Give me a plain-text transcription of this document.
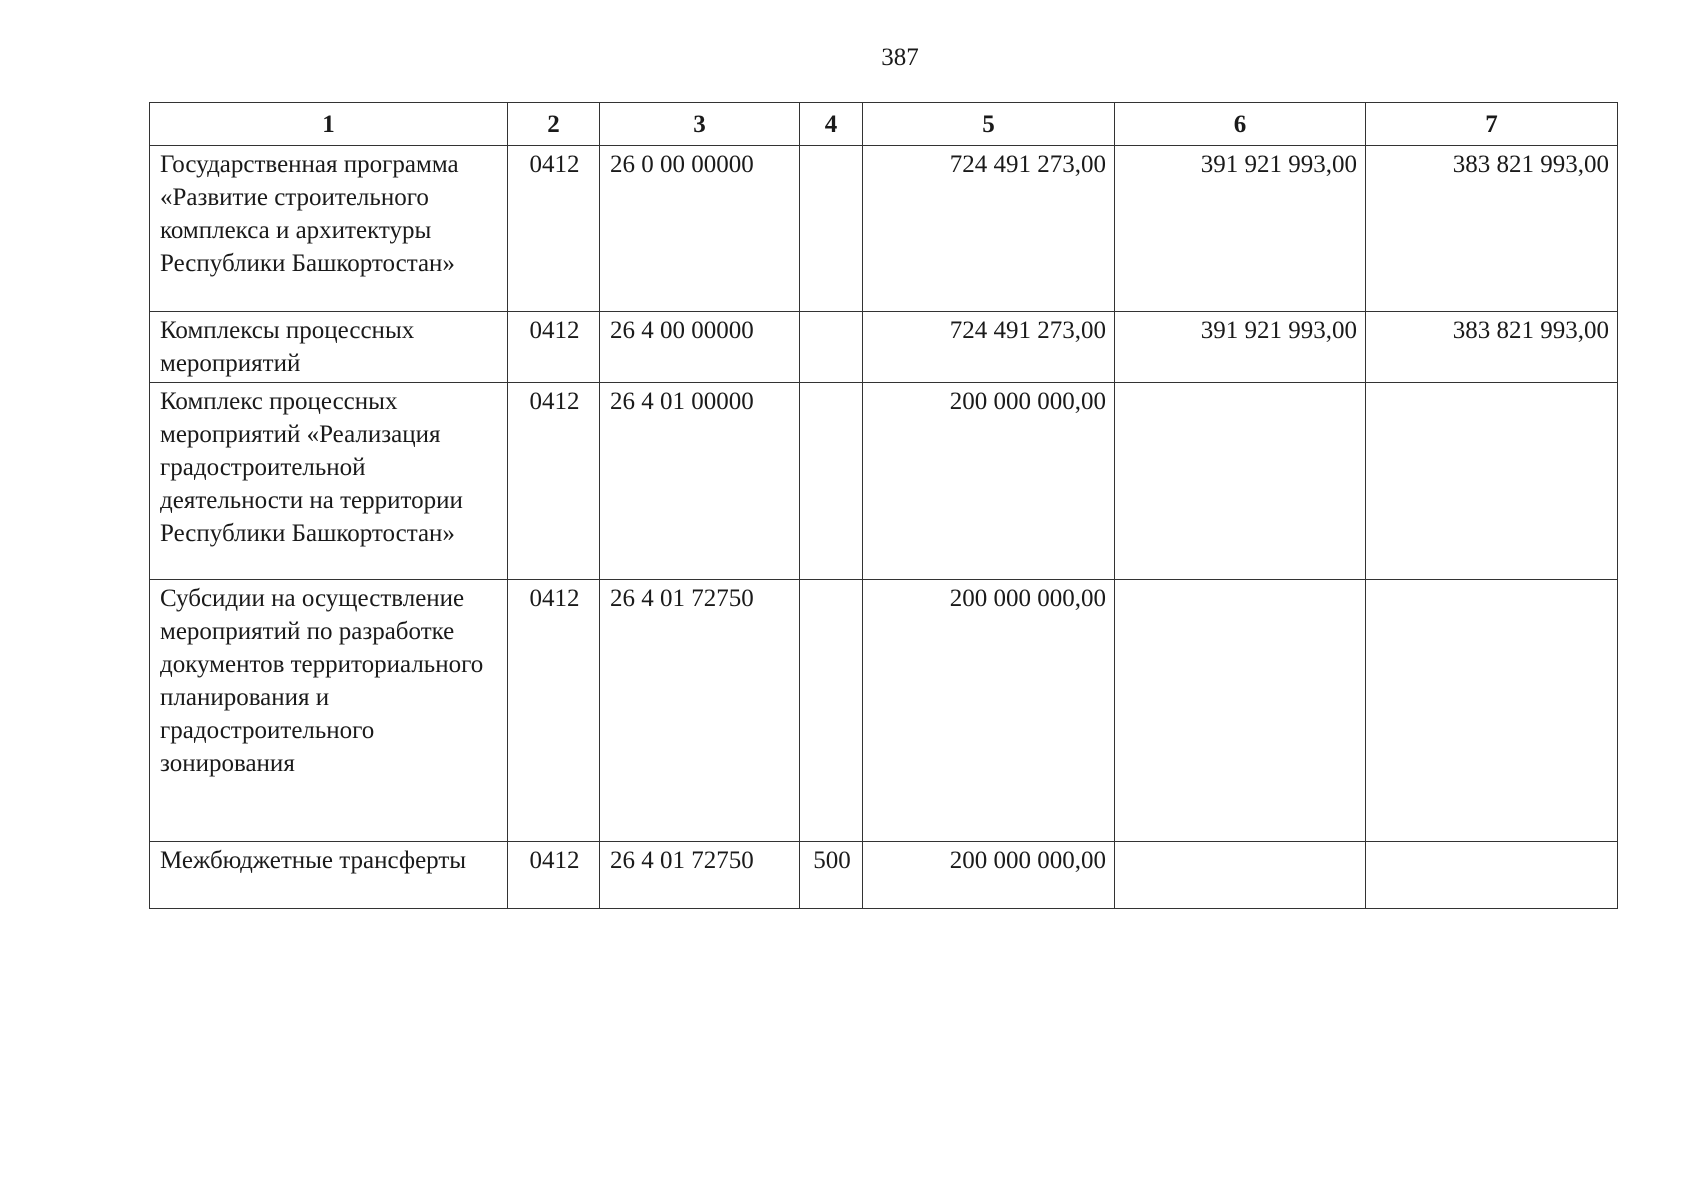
387
1	2	3	4	5	6	7
Государственная программа «Развитие строительного комплекса и архитектуры Республики Башкортостан»	0412	26 0 00 00000		724 491 273,00	391 921 993,00	383 821 993,00
Комплексы процессных мероприятий	0412	26 4 00 00000		724 491 273,00	391 921 993,00	383 821 993,00
Комплекс процессных мероприятий «Реализация градостроительной деятельности на территории Республики Башкортостан»	0412	26 4 01 00000		200 000 000,00		
Субсидии на осуществление мероприятий по разработке документов территориального планирования и градостроительного зонирования	0412	26 4 01 72750		200 000 000,00		
Межбюджетные трансферты	0412	26 4 01 72750	500	200 000 000,00		
